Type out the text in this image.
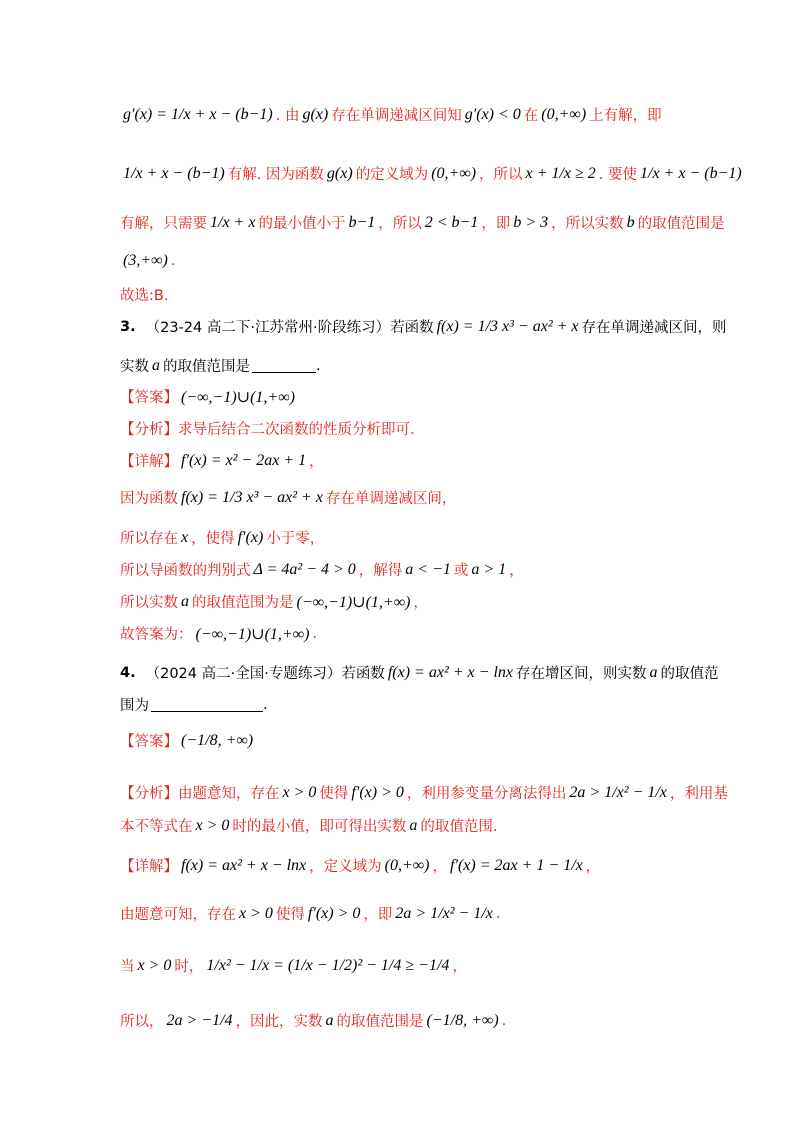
g′(x) = 1/x + x − (b−1) . 由 g(x) 存在单调递减区间知 g′(x) < 0 在 (0,+∞) 上有解，即
1/x + x − (b−1) 有解. 因为函数 g(x) 的定义域为 (0,+∞) ，所以 x + 1/x ≥ 2 . 要使 1/x + x − (b−1)
有解，只需要 1/x + x 的最小值小于 b−1 ，所以 2 < b−1 ，即 b > 3 ，所以实数 b 的取值范围是
(3,+∞) .
故选:B.
3. （23-24 高二下·江苏常州·阶段练习）若函数 f(x) = 1/3 x³ − ax² + x 存在单调递减区间，则
实数 a 的取值范围是	.
【答案】 (−∞,−1)∪(1,+∞)
【分析】 求导后结合二次函数的性质分析即可.
【详解】 f′(x) = x² − 2ax + 1 ，
因为函数 f(x) = 1/3 x³ − ax² + x 存在单调递减区间，
所以存在 x ，使得 f′(x) 小于零，
所以导函数的判别式 Δ = 4a² − 4 > 0 ，解得 a < −1 或 a > 1 ，
所以实数 a 的取值范围为是 (−∞,−1)∪(1,+∞) ，
故答案为： (−∞,−1)∪(1,+∞) .
4. （2024 高二·全国·专题练习）若函数 f(x) = ax² + x − lnx 存在增区间，则实数 a 的取值范
围为	.
【答案】 (−1/8, +∞)
【分析】 由题意知，存在 x > 0 使得 f′(x) > 0 ，利用参变量分离法得出 2a > 1/x² − 1/x ，利用基
本不等式在 x > 0 时的最小值，即可得出实数 a 的取值范围.
【详解】 f(x) = ax² + x − lnx ，定义域为 (0,+∞) ， f′(x) = 2ax + 1 − 1/x ，
由题意可知，存在 x > 0 使得 f′(x) > 0 ，即 2a > 1/x² − 1/x .
当 x > 0 时， 1/x² − 1/x = (1/x − 1/2)² − 1/4 ≥ −1/4 ，
所以， 2a > −1/4 ，因此，实数 a 的取值范围是 (−1/8, +∞) .
